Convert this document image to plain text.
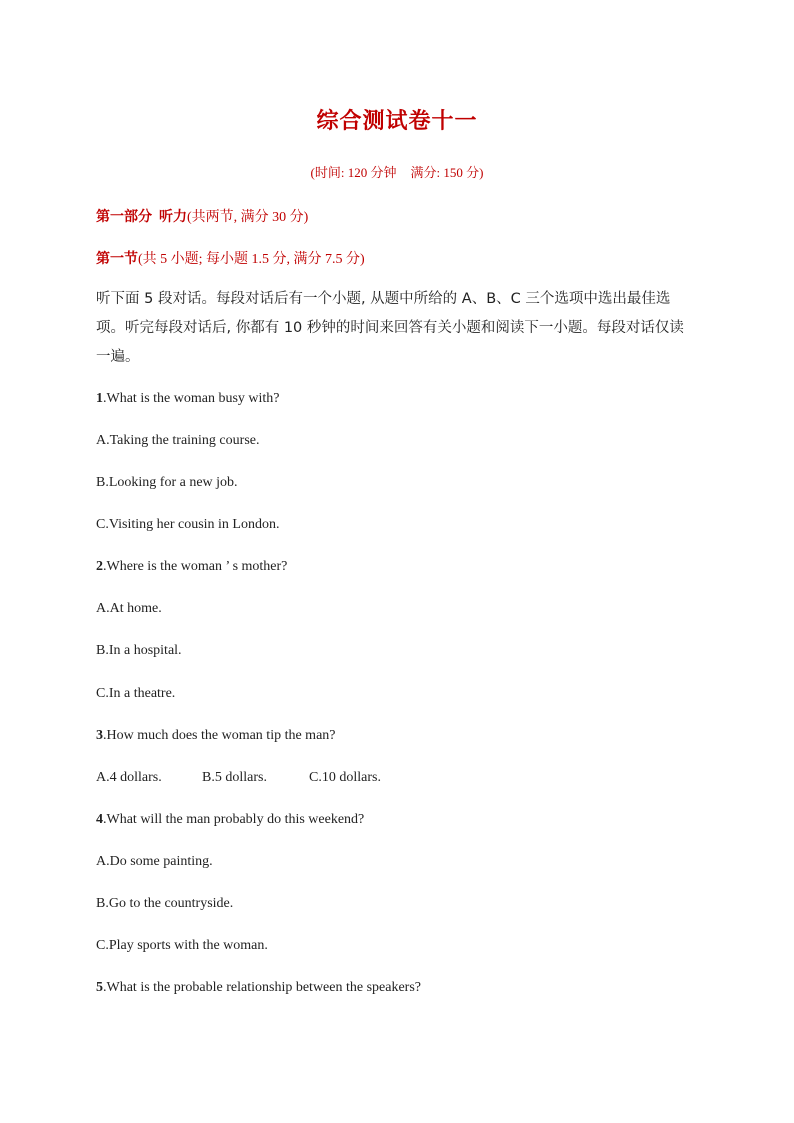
综合测试卷十一
(时间: 120 分钟 满分: 150 分)
第一部分 听力(共两节, 满分 30 分)
第一节(共 5 小题; 每小题 1.5 分, 满分 7.5 分)
听下面 5 段对话。每段对话后有一个小题, 从题中所给的 A、B、C 三个选项中选出最佳选项。听完每段对话后, 你都有 10 秒钟的时间来回答有关小题和阅读下一小题。每段对话仅读一遍。
1.What is the woman busy with?
A.Taking the training course.
B.Looking for a new job.
C.Visiting her cousin in London.
2.Where is the woman ’ s mother?
A.At home.
B.In a hospital.
C.In a theatre.
3.How much does the woman tip the man?
A.4 dollars.	B.5 dollars.	C.10 dollars.
4.What will the man probably do this weekend?
A.Do some painting.
B.Go to the countryside.
C.Play sports with the woman.
5.What is the probable relationship between the speakers?
